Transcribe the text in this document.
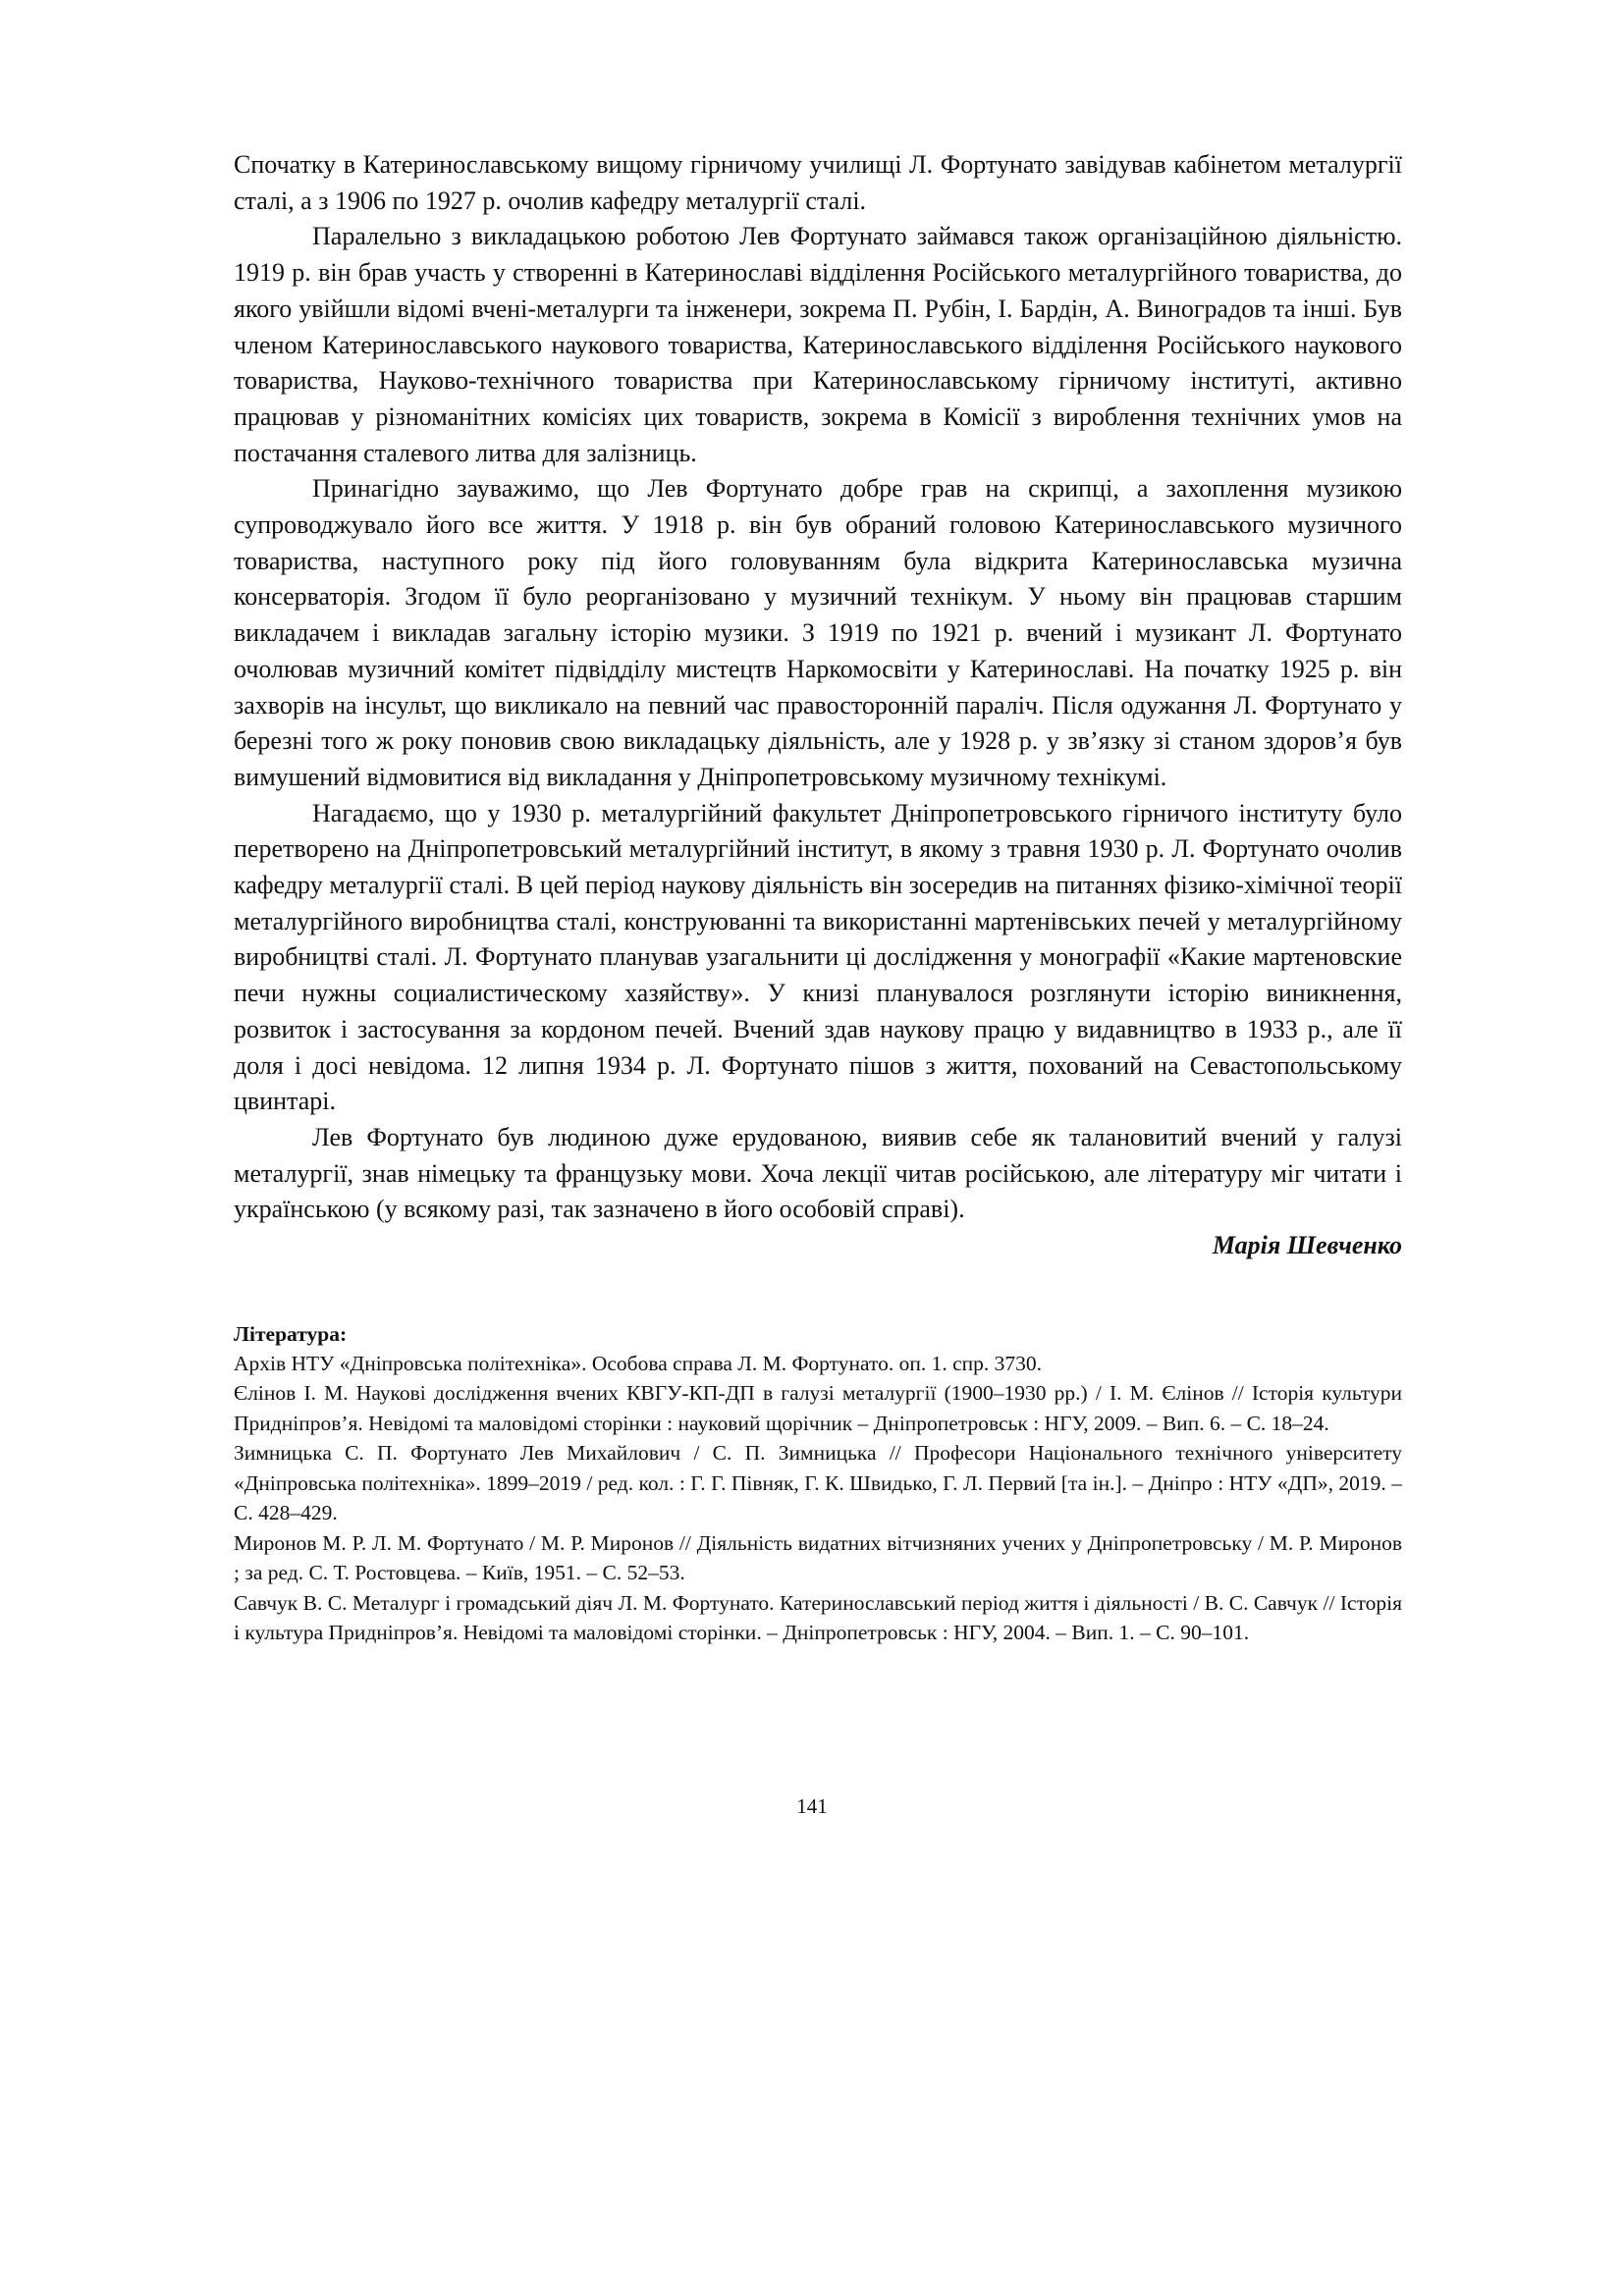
Спочатку в Катеринославському вищому гірничому училищі Л. Фортунато завідував кабінетом металургії сталі, а з 1906 по 1927 р. очолив кафедру металургії сталі.

Паралельно з викладацькою роботою Лев Фортунато займався також організаційною діяльністю. 1919 р. він брав участь у створенні в Катеринославі відділення Російського металургійного товариства, до якого увійшли відомі вчені-металурги та інженери, зокрема П. Рубін, І. Бардін, А. Виноградов та інші. Був членом Катеринославського наукового товариства, Катеринославського відділення Російського наукового товариства, Науково-технічного товариства при Катеринославському гірничому інституті, активно працював у різноманітних комісіях цих товариств, зокрема в Комісії з вироблення технічних умов на постачання сталевого литва для залізниць.

Принагідно зауважимо, що Лев Фортунато добре грав на скрипці, а захоплення музикою супроводжувало його все життя. У 1918 р. він був обраний головою Катеринославського музичного товариства, наступного року під його головуванням була відкрита Катеринославська музична консерваторія. Згодом її було реорганізовано у музичний технікум. У ньому він працював старшим викладачем і викладав загальну історію музики. З 1919 по 1921 р. вчений і музикант Л. Фортунато очолював музичний комітет підвідділу мистецтв Наркомосвіти у Катеринославі. На початку 1925 р. він захворів на інсульт, що викликало на певний час правосторонній параліч. Після одужання Л. Фортунато у березні того ж року поновив свою викладацьку діяльність, але у 1928 р. у зв’язку зі станом здоров’я був вимушений відмовитися від викладання у Дніпропетровському музичному технікумі.

Нагадаємо, що у 1930 р. металургійний факультет Дніпропетровського гірничого інституту було перетворено на Дніпропетровський металургійний інститут, в якому з травня 1930 р. Л. Фортунато очолив кафедру металургії сталі. В цей період наукову діяльність він зосередив на питаннях фізико-хімічної теорії металургійного виробництва сталі, конструюванні та використанні мартенівських печей у металургійному виробництві сталі. Л. Фортунато планував узагальнити ці дослідження у монографії «Какие мартеновские печи нужны социалистическому хазяйству». У книзі планувалося розглянути історію виникнення, розвиток і застосування за кордоном печей. Вчений здав наукову працю у видавництво в 1933 р., але її доля і досі невідома. 12 липня 1934 р. Л. Фортунато пішов з життя, похований на Севастопольському цвинтарі.

Лев Фортунато був людиною дуже ерудованою, виявив себе як талановитий вчений у галузі металургії, знав німецьку та французьку мови. Хоча лекції читав російською, але літературу міг читати і українською (у всякому разі, так зазначено в його особовій справі).

Марія Шевченко

Література:

Архів НТУ «Дніпровська політехніка». Особова справа Л. М. Фортунато. оп. 1. спр. 3730.

Єлінов І. М. Наукові дослідження вчених КВГУ-КП-ДП в галузі металургії (1900–1930 рр.) / І. М. Єлінов // Історія культури Придніпров’я. Невідомі та маловідомі сторінки : науковий щорічник – Дніпропетровськ : НГУ, 2009. – Вип. 6. – С. 18–24.

Зимницька С. П. Фортунато Лев Михайлович / С. П. Зимницька // Професори Національного технічного університету «Дніпровська політехніка». 1899–2019 / ред. кол. : Г. Г. Півняк, Г. К. Швидько, Г. Л. Первий [та ін.]. – Дніпро : НТУ «ДП», 2019. – С. 428–429.

Миронов М. Р. Л. М. Фортунато / М. Р. Миронов // Діяльність видатних вітчизняних учених у Дніпропетровську / М. Р. Миронов ; за ред. С. Т. Ростовцева. – Київ, 1951. – С. 52–53.

Савчук В. С. Металург і громадський діяч Л. М. Фортунато. Катеринославський період життя і діяльності / В. С. Савчук // Історія і культура Придніпров’я. Невідомі та маловідомі сторінки. – Дніпропетровськ : НГУ, 2004. – Вип. 1. – С. 90–101.

141
